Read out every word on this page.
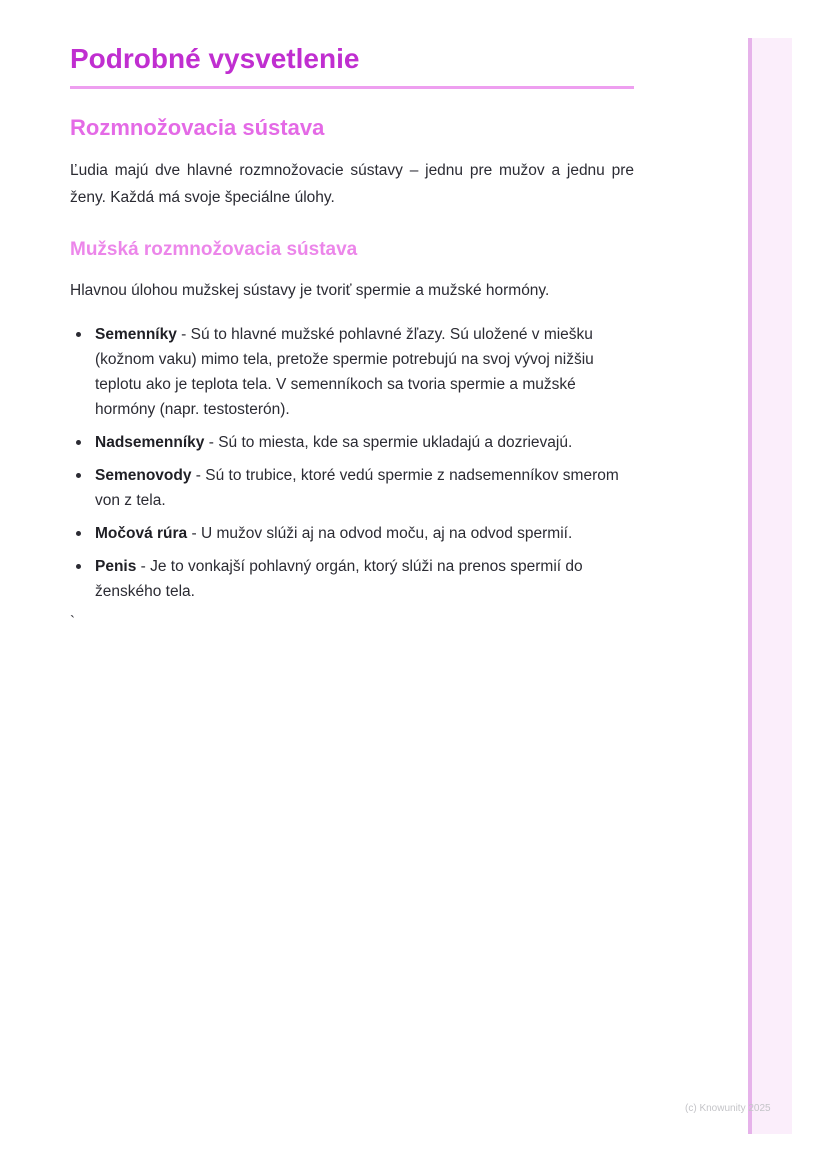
Podrobné vysvetlenie
Rozmnožovacia sústava

Ľudia majú dve hlavné rozmnožovacie sústavy – jednu pre mužov a jednu pre ženy. Každá má svoje špeciálne úlohy.

Mužská rozmnožovacia sústava

Hlavnou úlohou mužskej sústavy je tvoriť spermie a mužské hormóny.

Semenníky - Sú to hlavné mužské pohlavné žľazy. Sú uložené v miešku (kožnom vaku) mimo tela, pretože spermie potrebujú na svoj vývoj nižšiu teplotu ako je teplota tela. V semenníkoch sa tvoria spermie a mužské hormóny (napr. testosterón).
Nadsemenníky - Sú to miesta, kde sa spermie ukladajú a dozrievajú.
Semenovody - Sú to trubice, ktoré vedú spermie z nadsemenníkov smerom von z tela.
Močová rúra - U mužov slúži aj na odvod moču, aj na odvod spermií.
Penis - Je to vonkajší pohlavný orgán, ktorý slúži na prenos spermií do ženského tela.
`
(c) Knowunity 2025
